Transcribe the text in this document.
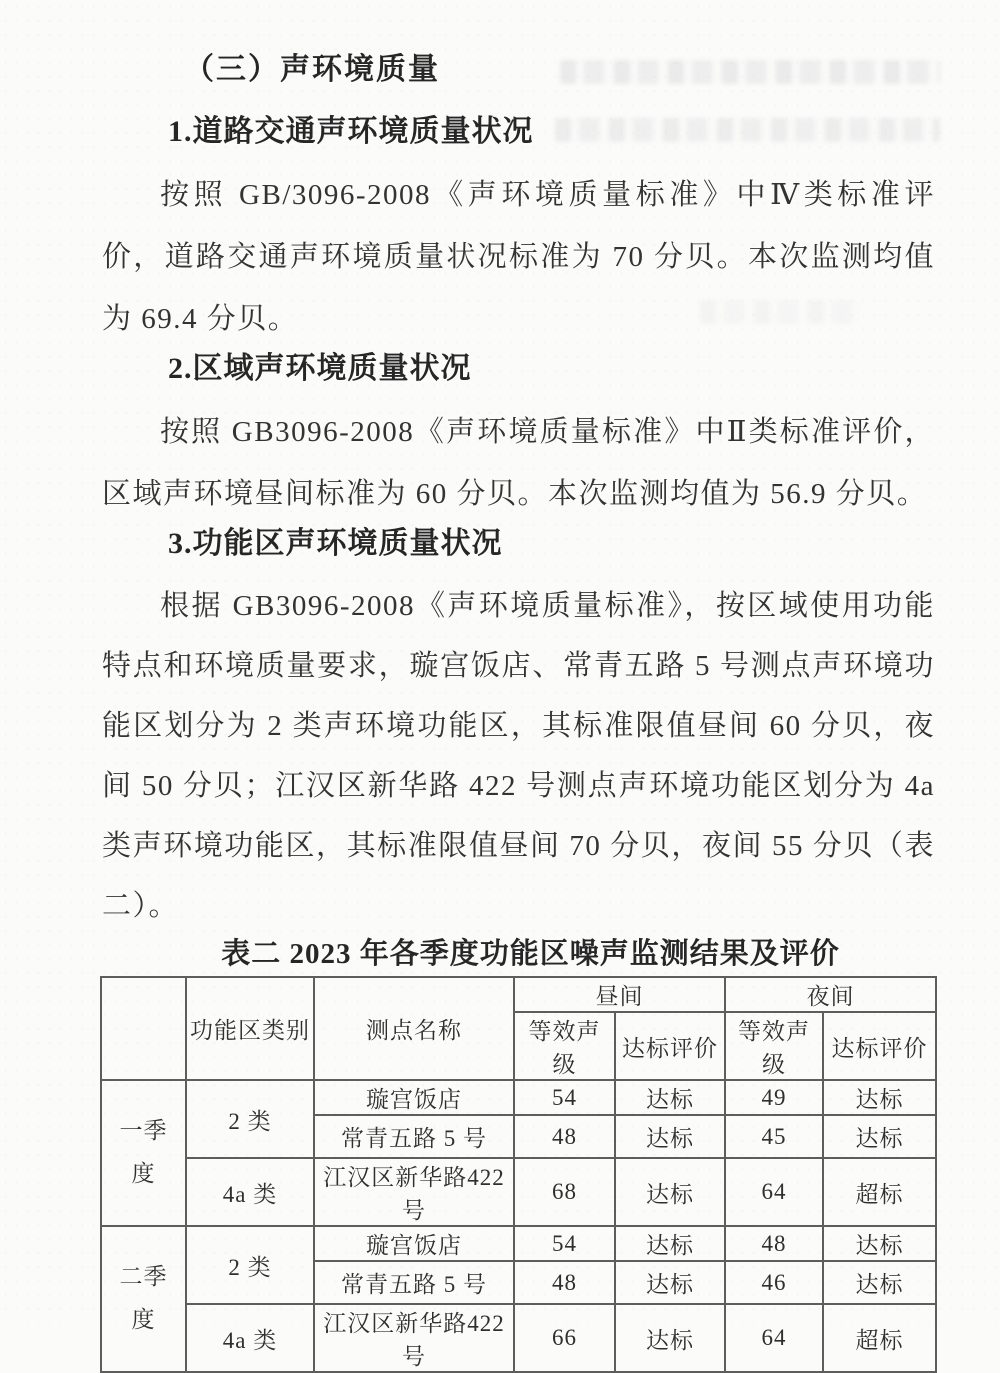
（三）声环境质量
1.道路交通声环境质量状况
按照 GB/3096-2008《声环境质量标准》中Ⅳ类标准评价，道路交通声环境质量状况标准为 70 分贝。本次监测均值为 69.4 分贝。
2.区域声环境质量状况
按照 GB3096-2008《声环境质量标准》中Ⅱ类标准评价，区域声环境昼间标准为 60 分贝。本次监测均值为 56.9 分贝。
3.功能区声环境质量状况
根据 GB3096-2008《声环境质量标准》，按区域使用功能特点和环境质量要求，璇宫饭店、常青五路 5 号测点声环境功能区划分为 2 类声环境功能区，其标准限值昼间 60 分贝，夜间 50 分贝；江汉区新华路 422 号测点声环境功能区划分为 4a 类声环境功能区，其标准限值昼间 70 分贝，夜间 55 分贝（表二）。
表二 2023 年各季度功能区噪声监测结果及评价
	功能区类别	测点名称	昼间		夜间	
			等效声级	达标评价	等效声级	达标评价
一季度	2 类	璇宫饭店	54	达标	49	达标
		常青五路 5 号	48	达标	45	达标
	4a 类	江汉区新华路422号	68	达标	64	超标
二季度	2 类	璇宫饭店	54	达标	48	达标
		常青五路 5 号	48	达标	46	达标
	4a 类	江汉区新华路422号	66	达标	64	超标
